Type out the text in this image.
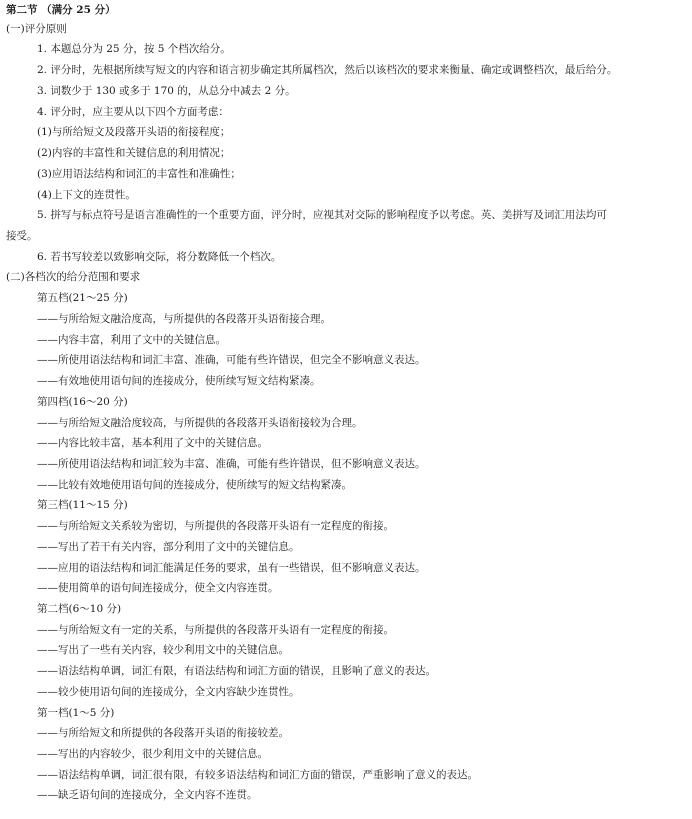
第二节 （满分 25 分）
(一)评分原则
1. 本题总分为 25 分，按 5 个档次给分。
2. 评分时，先根据所续写短文的内容和语言初步确定其所属档次，然后以该档次的要求来衡量、确定或调整档次，最后给分。
3. 词数少于 130 或多于 170 的，从总分中减去 2 分。
4. 评分时，应主要从以下四个方面考虑：
(1)与所给短文及段落开头语的衔接程度；
(2)内容的丰富性和关键信息的利用情况；
(3)应用语法结构和词汇的丰富性和准确性；
(4)上下文的连贯性。
5. 拼写与标点符号是语言准确性的一个重要方面，评分时，应视其对交际的影响程度予以考虑。英、美拼写及词汇用法均可
接受。
6. 若书写较差以致影响交际，将分数降低一个档次。
(二)各档次的给分范围和要求
第五档(21～25 分)
——与所给短文融洽度高，与所提供的各段落开头语衔接合理。
——内容丰富，利用了文中的关键信息。
——所使用语法结构和词汇丰富、准确，可能有些许错误，但完全不影响意义表达。
——有效地使用语句间的连接成分，使所续写短文结构紧凑。
第四档(16～20 分)
——与所给短文融洽度较高，与所提供的各段落开头语衔接较为合理。
——内容比较丰富，基本利用了文中的关键信息。
——所使用语法结构和词汇较为丰富、准确，可能有些许错误，但不影响意义表达。
——比较有效地使用语句间的连接成分，使所续写的短文结构紧凑。
第三档(11～15 分)
——与所给短文关系较为密切，与所提供的各段落开头语有一定程度的衔接。
——写出了若干有关内容，部分利用了文中的关键信息。
——应用的语法结构和词汇能满足任务的要求，虽有一些错误，但不影响意义表达。
——使用简单的语句间连接成分，使全文内容连贯。
第二档(6～10 分)
——与所给短文有一定的关系，与所提供的各段落开头语有一定程度的衔接。
——写出了一些有关内容，较少利用文中的关键信息。
——语法结构单调，词汇有限，有语法结构和词汇方面的错误，且影响了意义的表达。
——较少使用语句间的连接成分，全文内容缺少连贯性。
第一档(1～5 分)
——与所给短文和所提供的各段落开头语的衔接较差。
——写出的内容较少，很少利用文中的关键信息。
——语法结构单调，词汇很有限，有较多语法结构和词汇方面的错误，严重影响了意义的表达。
——缺乏语句间的连接成分，全文内容不连贯。
